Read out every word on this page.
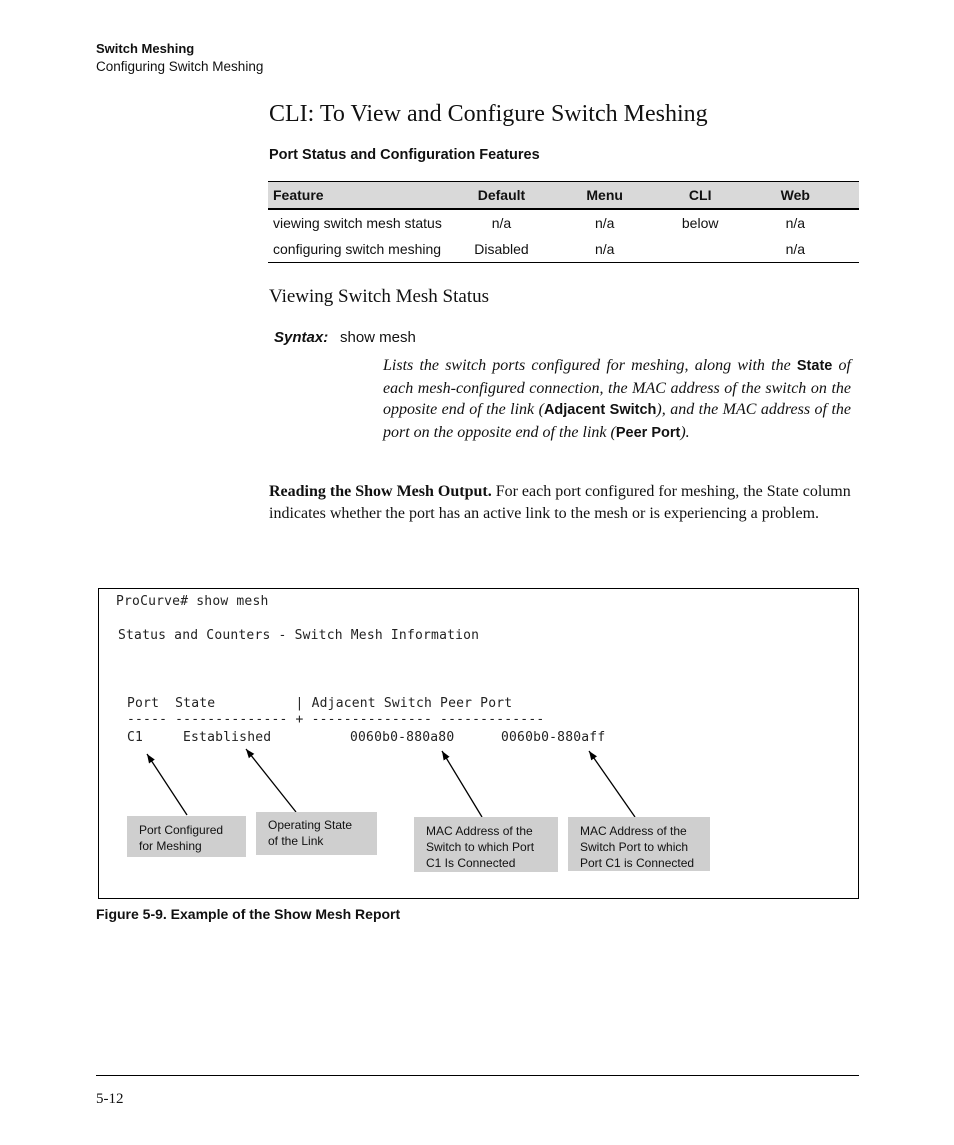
Switch Meshing
Configuring Switch Meshing
CLI: To View and Configure Switch Meshing
Port Status and Configuration Features
Feature	Default	Menu	CLI	Web
viewing switch mesh status	n/a	n/a	below	n/a
configuring switch meshing	Disabled	n/a		n/a
Viewing Switch Mesh Status
Syntax: show mesh
Lists the switch ports configured for meshing, along with the State of each mesh-configured connection, the MAC address of the switch on the opposite end of the link (Adjacent Switch), and the MAC address of the port on the opposite end of the link (Peer Port).
Reading the Show Mesh Output. For each port configured for meshing, the State column indicates whether the port has an active link to the mesh or is experiencing a problem.
ProCurve# show mesh
Status and Counters - Switch Mesh Information
Port  State          | Adjacent Switch Peer Port
----- -------------- + --------------- -------------
C1	Established	0060b0-880a80	0060b0-880aff
Port Configured
for Meshing
Operating State
of the Link
MAC Address of the
Switch to which Port
C1 Is Connected
MAC Address of the
Switch Port to which
Port C1 is Connected
Figure 5-9. Example of the Show Mesh Report
5-12
